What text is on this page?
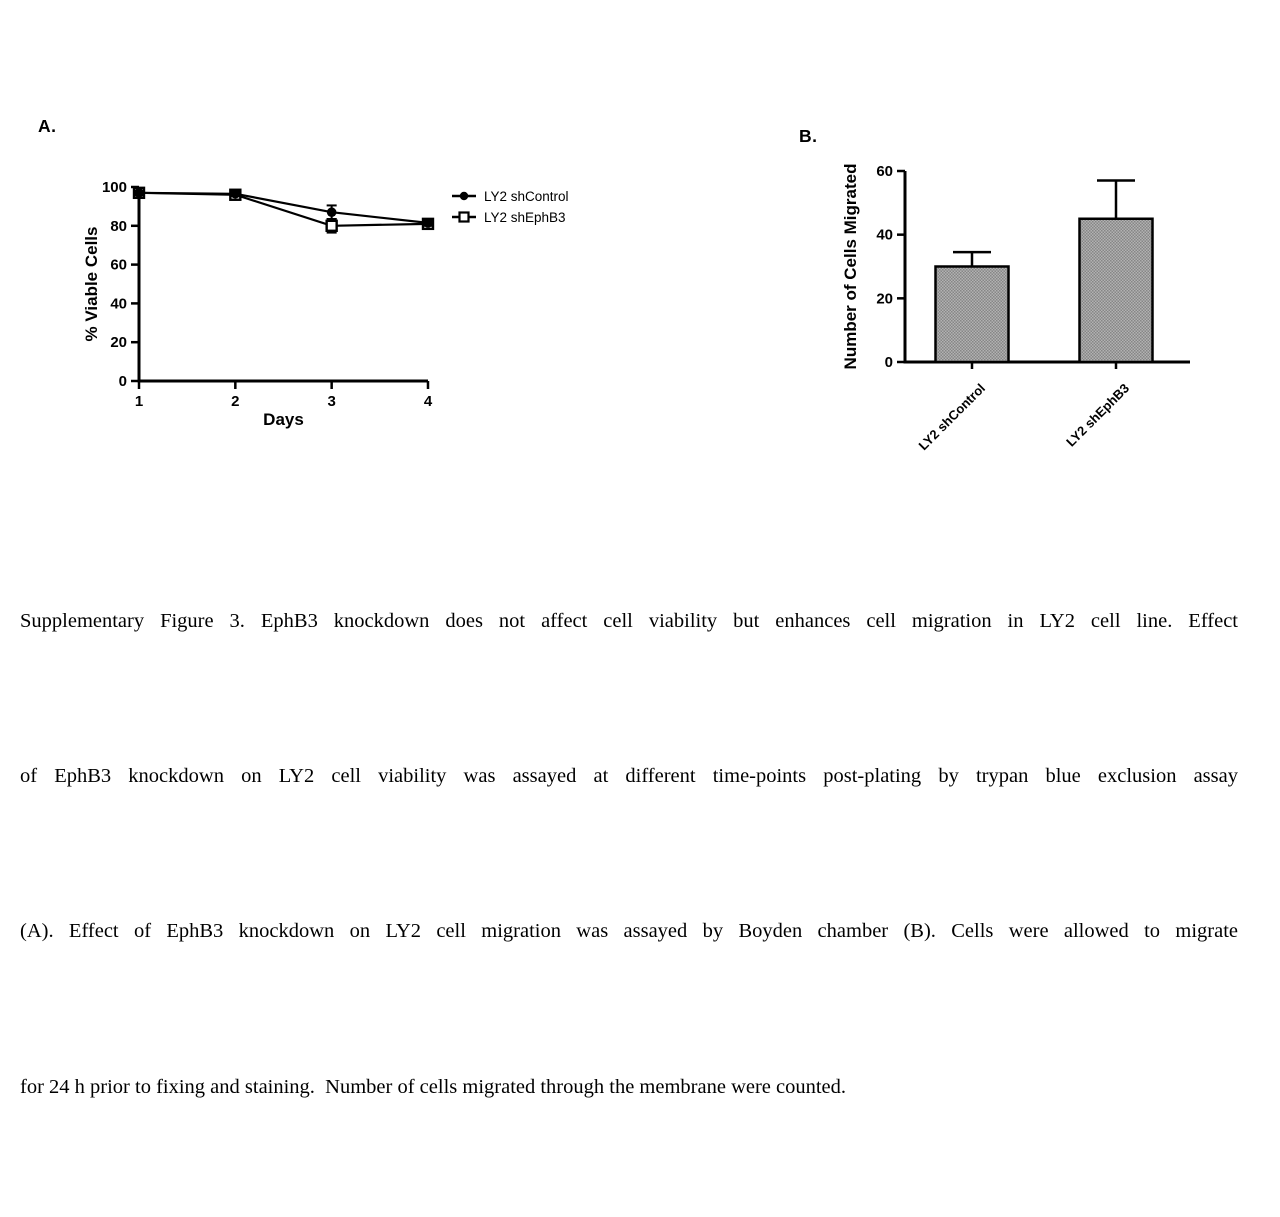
A.	B.
0
20
40
60
80
100
1	2	3	4
Days
% Viable Cells
LY2 shControl
LY2 shEphB3
0
20
40
60
Number of Cells Migrated
LY2 shControl	LY2 shEphB3

Supplementary Figure 3. EphB3 knockdown does not affect cell viability but enhances cell migration in LY2 cell line. Effect

of EphB3 knockdown on LY2 cell viability was assayed at different time-points post-plating by trypan blue exclusion assay

(A). Effect of EphB3 knockdown on LY2 cell migration was assayed by Boyden chamber (B). Cells were allowed to migrate

for 24 h prior to fixing and staining.  Number of cells migrated through the membrane were counted.
